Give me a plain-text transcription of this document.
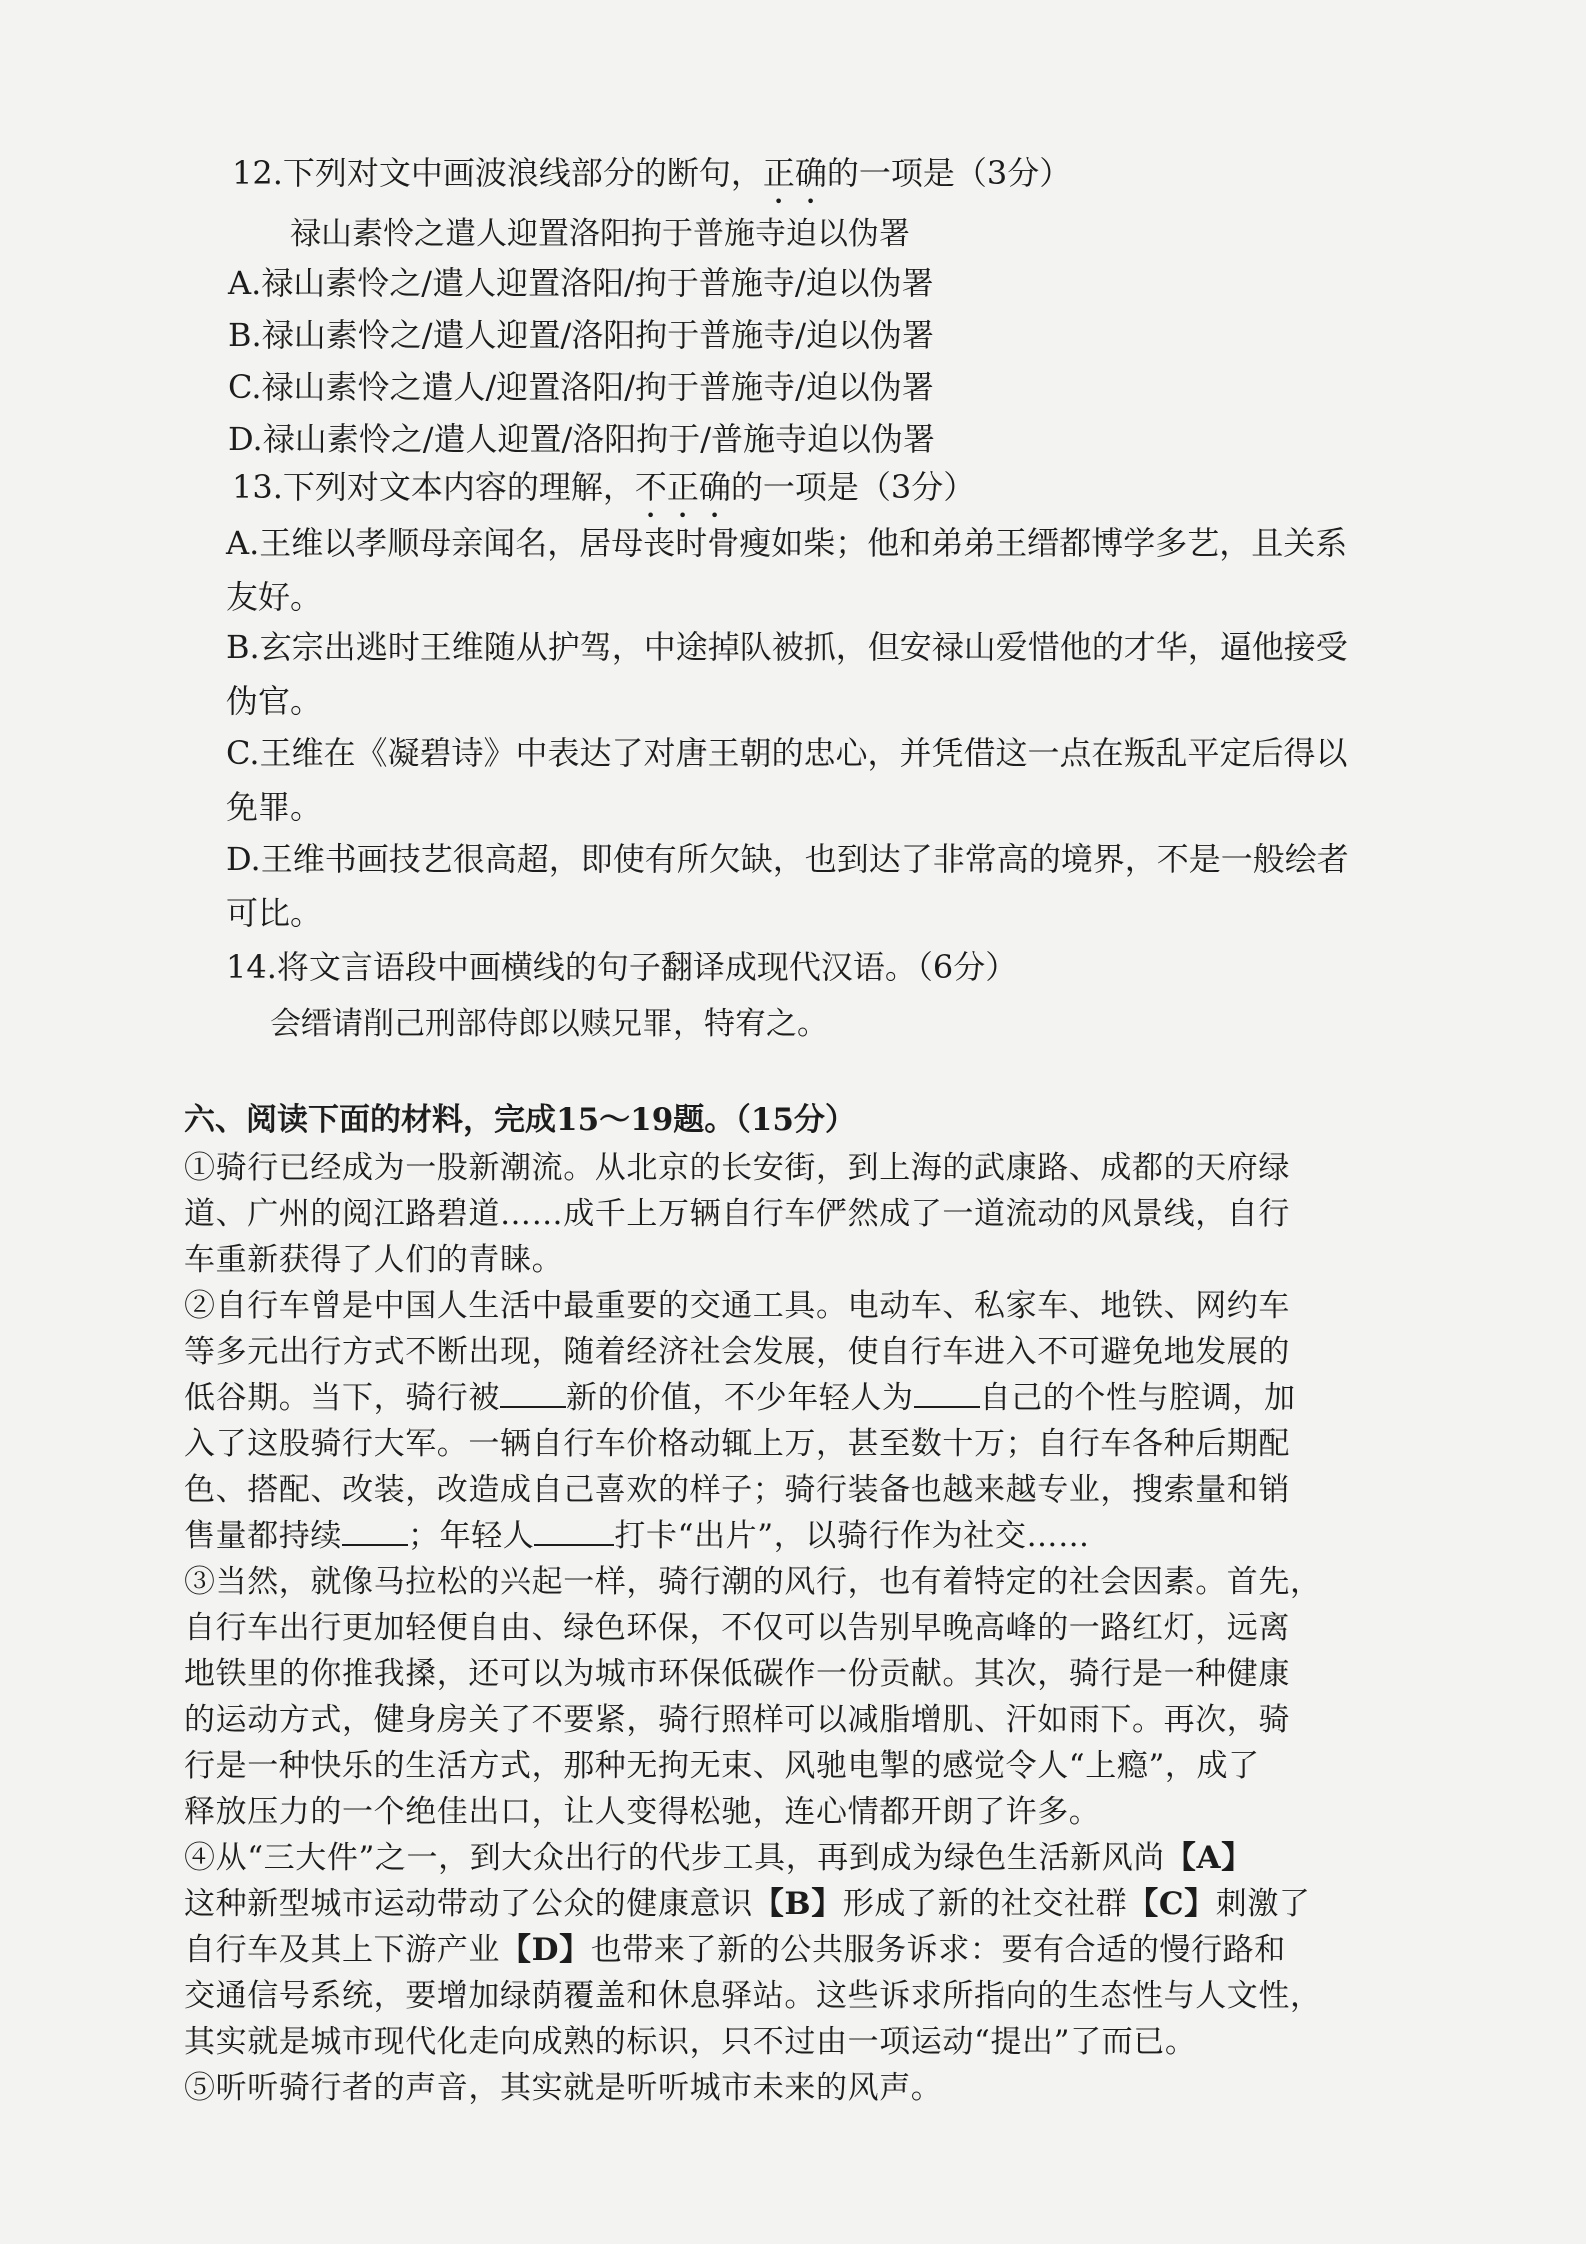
12.下列对文中画波浪线部分的断句，正确的一项是（3分）
禄山素怜之遣人迎置洛阳拘于普施寺迫以伪署
A.禄山素怜之/遣人迎置洛阳/拘于普施寺/迫以伪署
B.禄山素怜之/遣人迎置/洛阳拘于普施寺/迫以伪署
C.禄山素怜之遣人/迎置洛阳/拘于普施寺/迫以伪署
D.禄山素怜之/遣人迎置/洛阳拘于/普施寺迫以伪署
13.下列对文本内容的理解，不正确的一项是（3分）
A.王维以孝顺母亲闻名，居母丧时骨瘦如柴；他和弟弟王缙都博学多艺，且关系
友好。
B.玄宗出逃时王维随从护驾，中途掉队被抓，但安禄山爱惜他的才华，逼他接受
伪官。
C.王维在《凝碧诗》中表达了对唐王朝的忠心，并凭借这一点在叛乱平定后得以
免罪。
D.王维书画技艺很高超，即使有所欠缺，也到达了非常高的境界，不是一般绘者
可比。
14.将文言语段中画横线的句子翻译成现代汉语。（6分）
会缙请削己刑部侍郎以赎兄罪，特宥之。
六、阅读下面的材料，完成15～19题。（15分）
①骑行已经成为一股新潮流。从北京的长安街，到上海的武康路、成都的天府绿
道、广州的阅江路碧道……成千上万辆自行车俨然成了一道流动的风景线，自行
车重新获得了人们的青睐。
②自行车曾是中国人生活中最重要的交通工具。电动车、私家车、地铁、网约车
等多元出行方式不断出现，随着经济社会发展，使自行车进入不可避免地发展的
低谷期。当下，骑行被 新的价值，不少年轻人为 自己的个性与腔调，加
入了这股骑行大军。一辆自行车价格动辄上万，甚至数十万；自行车各种后期配
色、搭配、改装，改造成自己喜欢的样子；骑行装备也越来越专业，搜索量和销
售量都持续 ；年轻人	打卡“出片”，以骑行作为社交……
③当然，就像马拉松的兴起一样，骑行潮的风行，也有着特定的社会因素。首先，
自行车出行更加轻便自由、绿色环保，不仅可以告别早晚高峰的一路红灯，远离
地铁里的你推我搡，还可以为城市环保低碳作一份贡献。其次，骑行是一种健康
的运动方式，健身房关了不要紧，骑行照样可以减脂增肌、汗如雨下。再次，骑
行是一种快乐的生活方式，那种无拘无束、风驰电掣的感觉令人“上瘾”，成了
释放压力的一个绝佳出口，让人变得松驰，连心情都开朗了许多。
④从“三大件”之一，到大众出行的代步工具，再到成为绿色生活新风尚【A】
这种新型城市运动带动了公众的健康意识【B】形成了新的社交社群【C】刺激了
自行车及其上下游产业【D】也带来了新的公共服务诉求：要有合适的慢行路和
交通信号系统，要增加绿荫覆盖和休息驿站。这些诉求所指向的生态性与人文性，
其实就是城市现代化走向成熟的标识，只不过由一项运动“提出”了而已。
⑤听听骑行者的声音，其实就是听听城市未来的风声。
